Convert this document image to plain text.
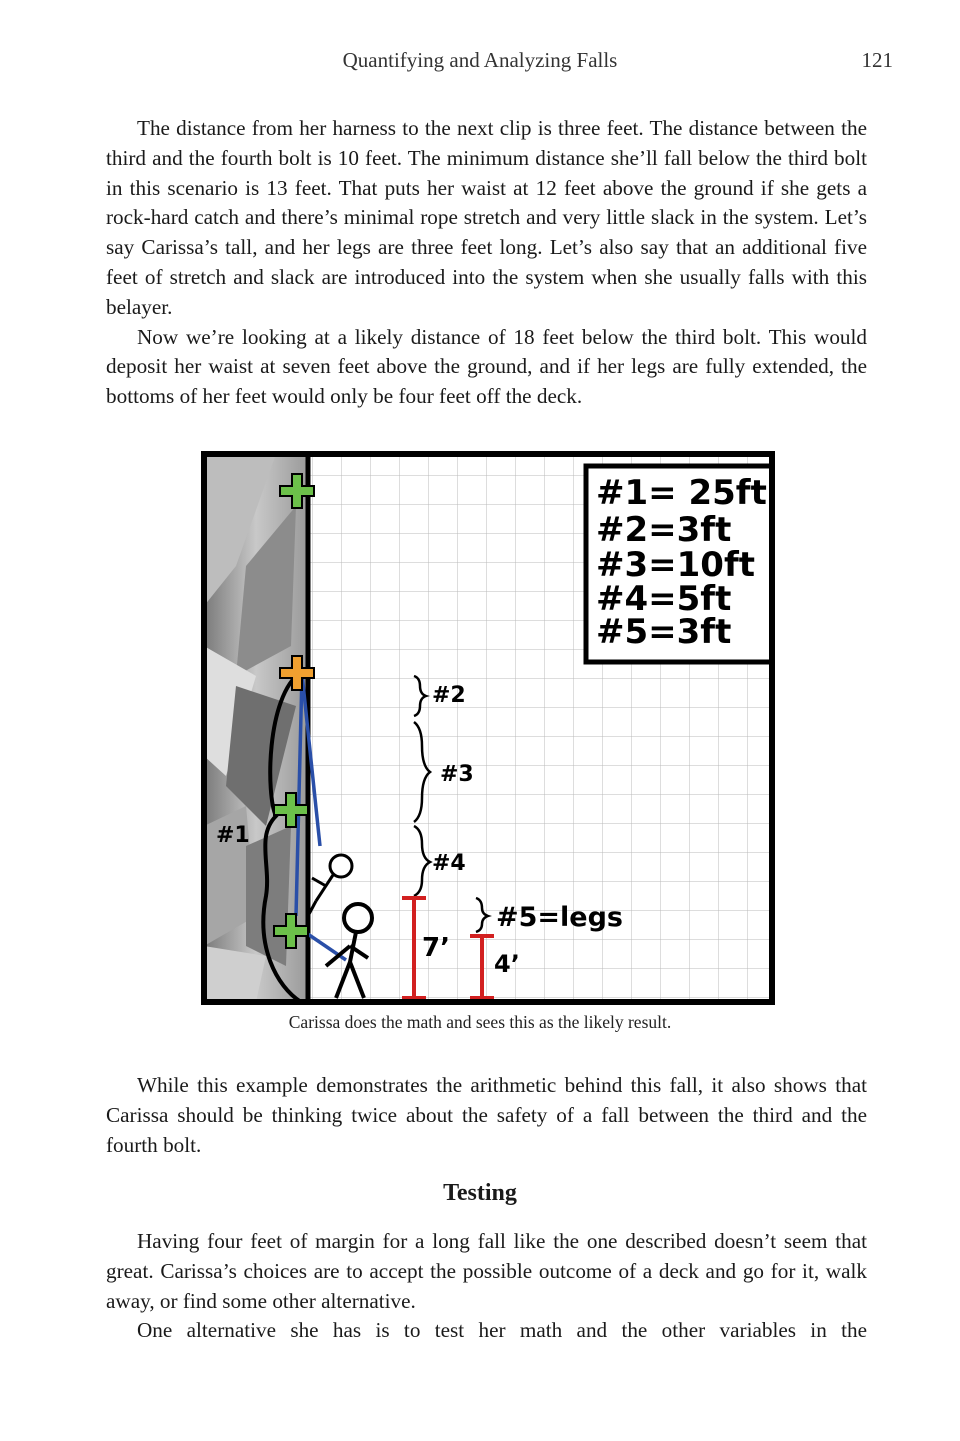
Quantifying and Analyzing Falls	121

The distance from her harness to the next clip is three feet. The distance between the third and the fourth bolt is 10 feet. The minimum distance she’ll fall below the third bolt in this scenario is 13 feet. That puts her waist at 12 feet above the ground if she gets a rock-hard catch and there’s minimal rope stretch and very little slack in the system. Let’s say Carissa’s tall, and her legs are three feet long. Let’s also say that an additional five feet of stretch and slack are introduced into the system when she usually falls with this belayer.

Now we’re looking at a likely distance of 18 feet below the third bolt. This would deposit her waist at seven feet above the ground, and if her legs are fully extended, the bottoms of her feet would only be four feet off the deck.

#1
#2
#3
#4
#5=legs
7’
4’
#1= 25ft
#2=3ft
#3=10ft
#4=5ft
#5=3ft
Carissa does the math and sees this as the likely result.

While this example demonstrates the arithmetic behind this fall, it also shows that Carissa should be thinking twice about the safety of a fall between the third and the fourth bolt.

Testing

Having four feet of margin for a long fall like the one described doesn’t seem that great. Carissa’s choices are to accept the possible outcome of a deck and go for it, walk away, or find some other alternative.

One alternative she has is to test her math and the other variables in the
